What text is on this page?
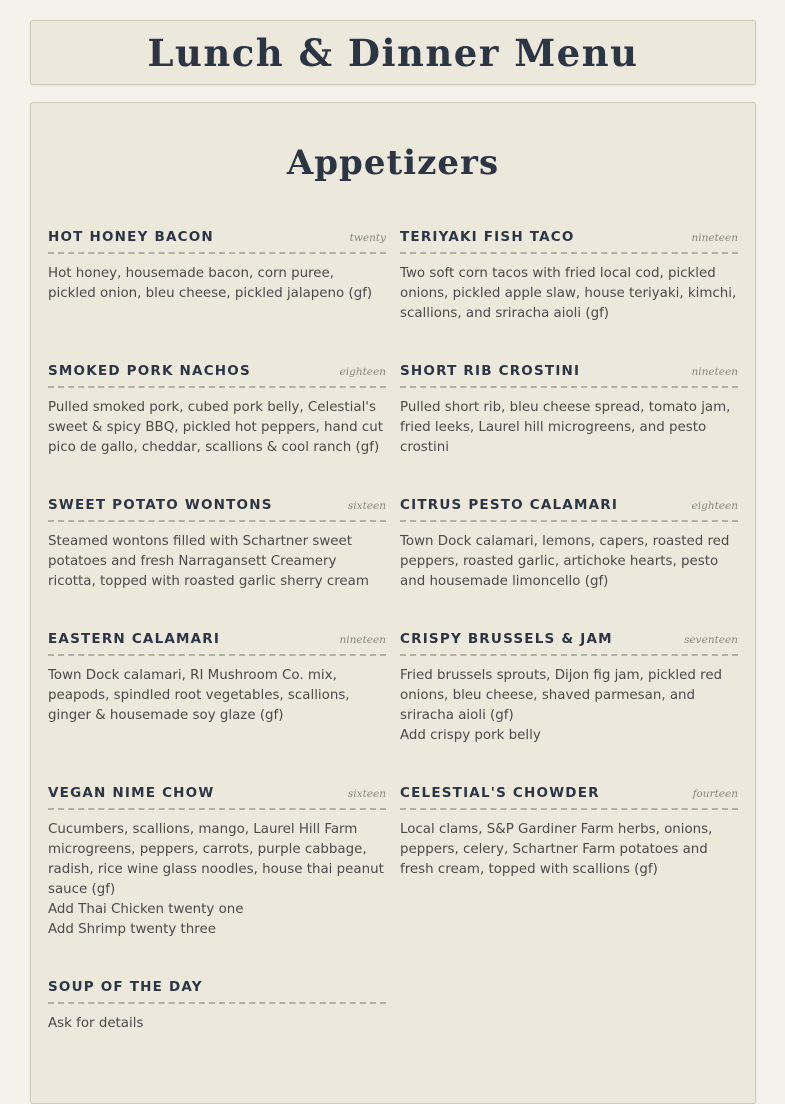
Lunch & Dinner Menu
Appetizers
HOT HONEY BACON	twenty
Hot honey, housemade bacon, corn puree, pickled onion, bleu cheese, pickled jalapeno (gf)
TERIYAKI FISH TACO	nineteen
Two soft corn tacos with fried local cod, pickled onions, pickled apple slaw, house teriyaki, kimchi, scallions, and sriracha aioli (gf)
SMOKED PORK NACHOS	eighteen
Pulled smoked pork, cubed pork belly, Celestial's sweet & spicy BBQ, pickled hot peppers, hand cut pico de gallo, cheddar, scallions & cool ranch (gf)
SHORT RIB CROSTINI	nineteen
Pulled short rib, bleu cheese spread, tomato jam, fried leeks, Laurel hill microgreens, and pesto crostini
SWEET POTATO WONTONS	sixteen
Steamed wontons filled with Schartner sweet potatoes and fresh Narragansett Creamery ricotta, topped with roasted garlic sherry cream
CITRUS PESTO CALAMARI	eighteen
Town Dock calamari, lemons, capers, roasted red peppers, roasted garlic, artichoke hearts, pesto and housemade limoncello (gf)
EASTERN CALAMARI	nineteen
Town Dock calamari, RI Mushroom Co. mix, peapods, spindled root vegetables, scallions, ginger & housemade soy glaze (gf)
CRISPY BRUSSELS & JAM	seventeen
Fried brussels sprouts, Dijon fig jam, pickled red onions, bleu cheese, shaved parmesan, and sriracha aioli (gf)
Add crispy pork belly
VEGAN NIME CHOW	sixteen
Cucumbers, scallions, mango, Laurel Hill Farm microgreens, peppers, carrots, purple cabbage, radish, rice wine glass noodles, house thai peanut sauce (gf)
Add Thai Chicken twenty one
Add Shrimp twenty three
CELESTIAL'S CHOWDER	fourteen
Local clams, S&P Gardiner Farm herbs, onions, peppers, celery, Schartner Farm potatoes and fresh cream, topped with scallions (gf)
SOUP OF THE DAY
Ask for details
